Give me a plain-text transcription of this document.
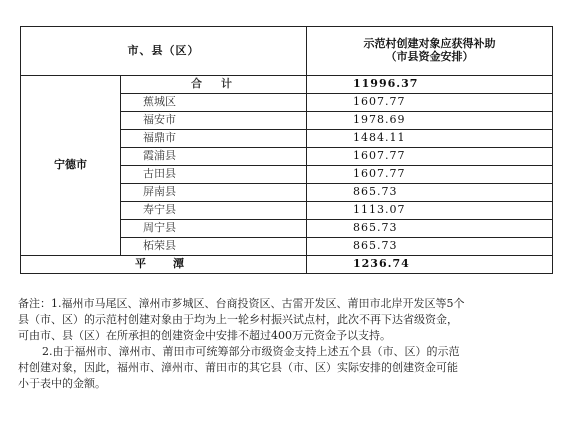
市、县（区）		示范村创建对象应获得补助
（市县资金安排）

宁德市	合　计	11996.37
	蕉城区	1607.77
	福安市	1978.69
	福鼎市	1484.11
	霞浦县	1607.77
	古田县	1607.77
	屏南县	865.73
	寿宁县	1113.07
	周宁县	865.73
	柘荣县	865.73
平　潭		1236.74

备注：1.福州市马尾区、漳州市芗城区、台商投资区、古雷开发区、莆田市北岸开发区等5个

县（市、区）的示范村创建对象由于均为上一轮乡村振兴试点村，此次不再下达省级资金，

可由市、县（区）在所承担的创建资金中安排不超过400万元资金予以支持。

2.由于福州市、漳州市、莆田市可统筹部分市级资金支持上述五个县（市、区）的示范

村创建对象，因此，福州市、漳州市、莆田市的其它县（市、区）实际安排的创建资金可能

小于表中的金额。
